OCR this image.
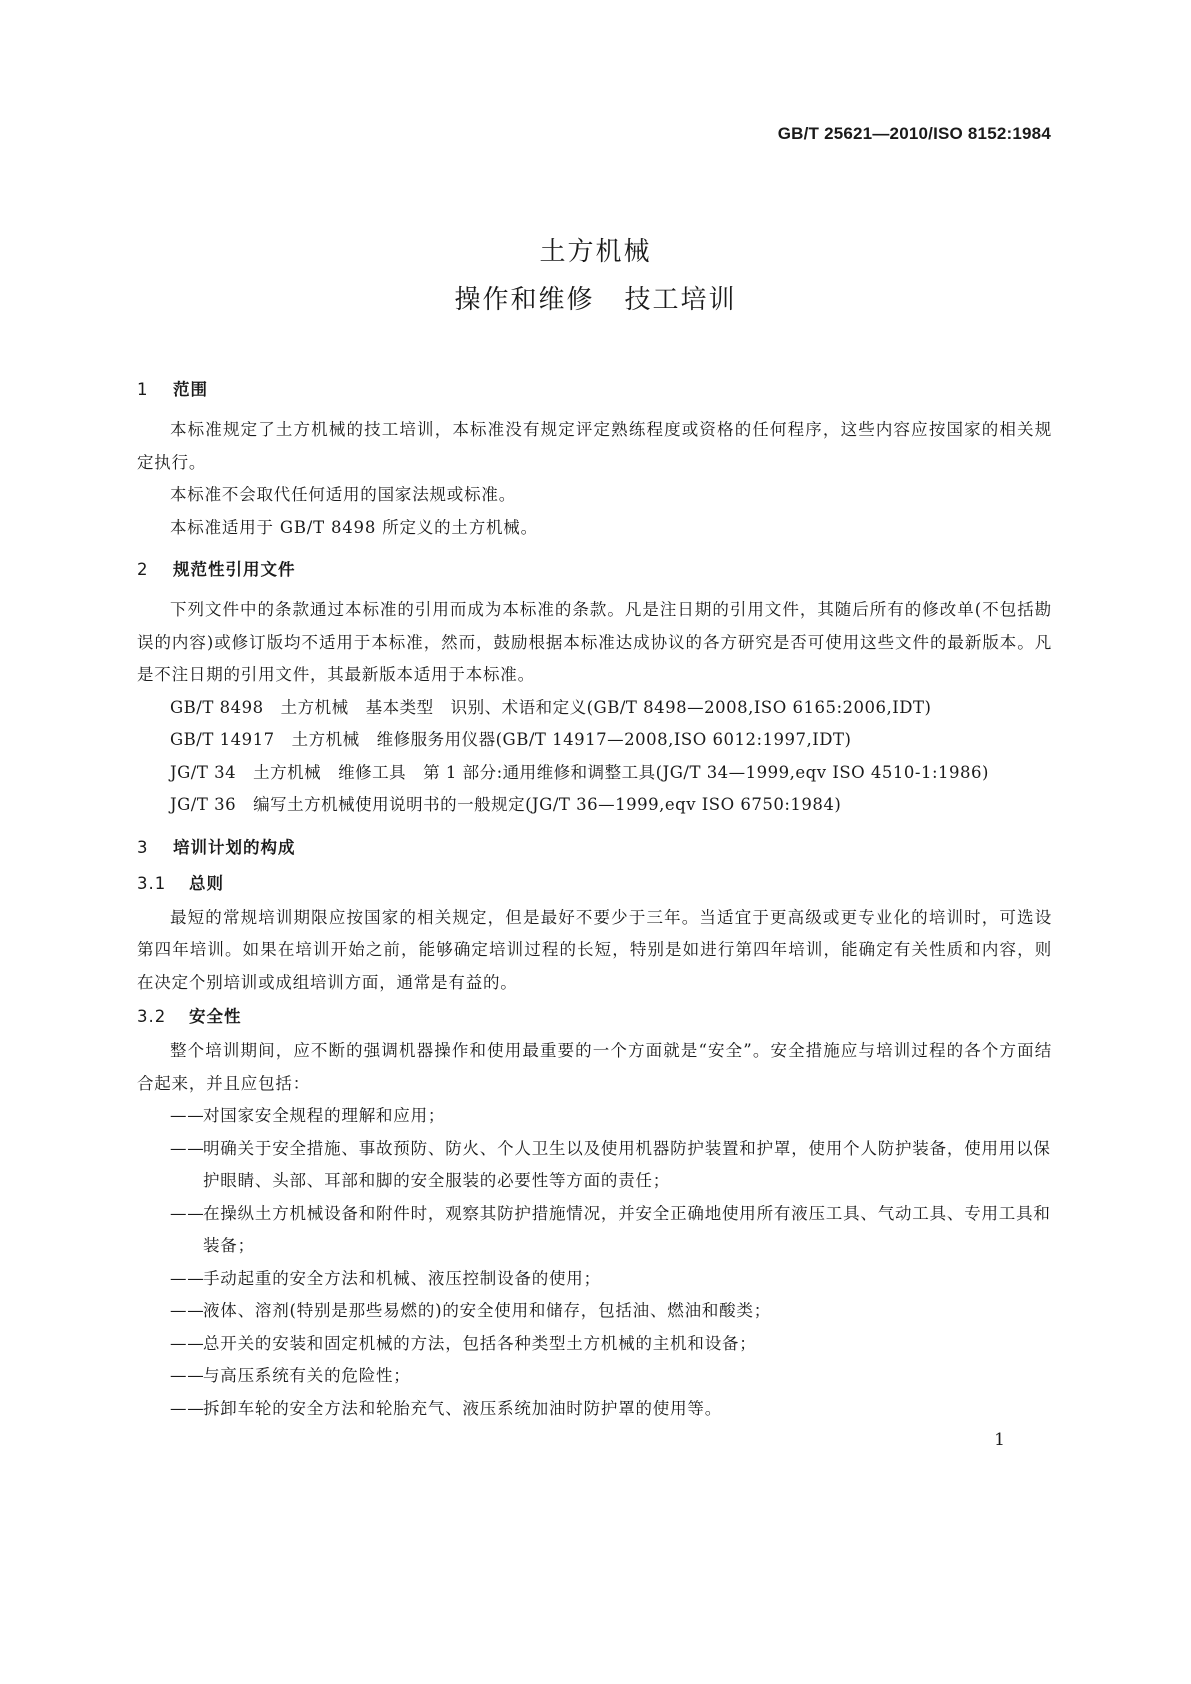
GB/T 25621—2010/ISO 8152:1984
土方机械
操作和维修 技工培训
1 范围

本标准规定了土方机械的技工培训，本标准没有规定评定熟练程度或资格的任何程序，这些内容应按国家的相关规定执行。

本标准不会取代任何适用的国家法规或标准。

本标准适用于 GB/T 8498 所定义的土方机械。

2 规范性引用文件

下列文件中的条款通过本标准的引用而成为本标准的条款。凡是注日期的引用文件，其随后所有的修改单(不包括勘误的内容)或修订版均不适用于本标准，然而，鼓励根据本标准达成协议的各方研究是否可使用这些文件的最新版本。凡是不注日期的引用文件，其最新版本适用于本标准。

GB/T 8498　土方机械　基本类型　识别、术语和定义(GB/T 8498—2008,ISO 6165:2006,IDT)
GB/T 14917　土方机械　维修服务用仪器(GB/T 14917—2008,ISO 6012:1997,IDT)
JG/T 34　土方机械　维修工具　第 1 部分:通用维修和调整工具(JG/T 34—1999,eqv ISO 4510-1:1986)
JG/T 36　编写土方机械使用说明书的一般规定(JG/T 36—1999,eqv ISO 6750:1984)
3 培训计划的构成
3.1 总则

最短的常规培训期限应按国家的相关规定，但是最好不要少于三年。当适宜于更高级或更专业化的培训时，可选设第四年培训。如果在培训开始之前，能够确定培训过程的长短，特别是如进行第四年培训，能确定有关性质和内容，则在决定个别培训或成组培训方面，通常是有益的。

3.2 安全性

整个培训期间，应不断的强调机器操作和使用最重要的一个方面就是“安全”。安全措施应与培训过程的各个方面结合起来，并且应包括：

——对国家安全规程的理解和应用；
——明确关于安全措施、事故预防、防火、个人卫生以及使用机器防护装置和护罩，使用个人防护装备，使用用以保护眼睛、头部、耳部和脚的安全服装的必要性等方面的责任；
——在操纵土方机械设备和附件时，观察其防护措施情况，并安全正确地使用所有液压工具、气动工具、专用工具和装备；
——手动起重的安全方法和机械、液压控制设备的使用；
——液体、溶剂(特别是那些易燃的)的安全使用和储存，包括油、燃油和酸类；
——总开关的安装和固定机械的方法，包括各种类型土方机械的主机和设备；
——与高压系统有关的危险性；
——拆卸车轮的安全方法和轮胎充气、液压系统加油时防护罩的使用等。
1
